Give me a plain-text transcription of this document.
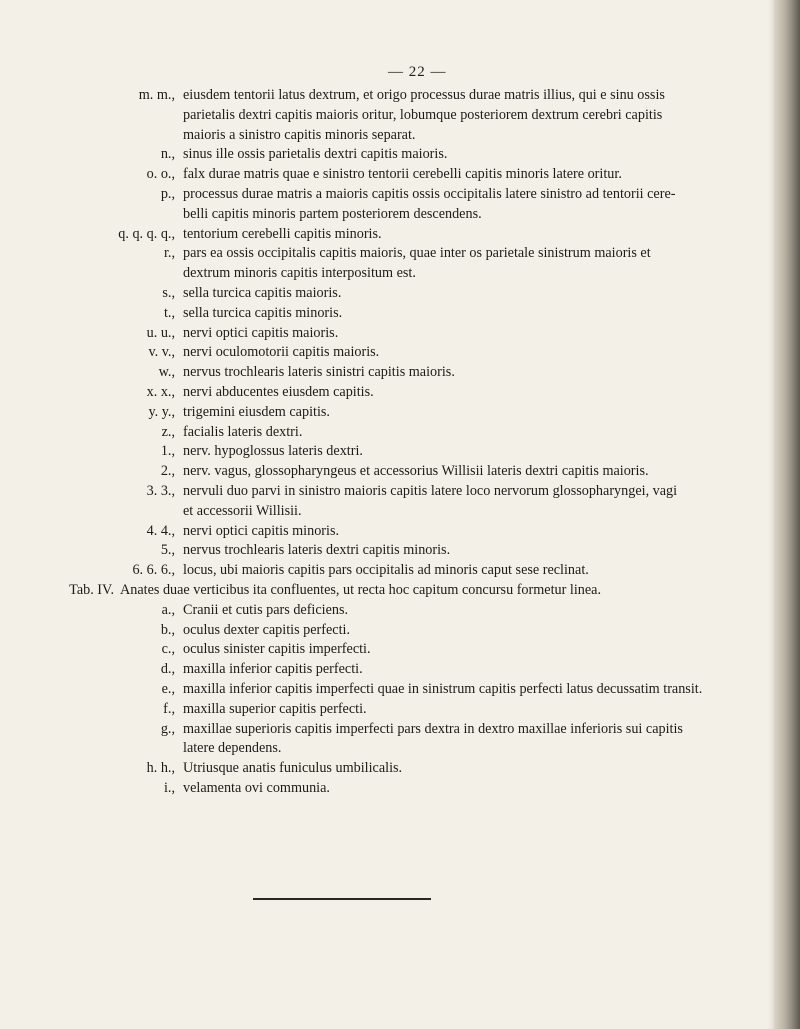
— 22 —
m. m., eiusdem tentorii latus dextrum, et origo processus durae matris illius, qui e sinu ossis
parietalis dextri capitis maioris oritur, lobumque posteriorem dextrum cerebri capitis
maioris a sinistro capitis minoris separat.
n., sinus ille ossis parietalis dextri capitis maioris.
o. o., falx durae matris quae e sinistro tentorii cerebelli capitis minoris latere oritur.
p., processus durae matris a maioris capitis ossis occipitalis latere sinistro ad tentorii cere-
belli capitis minoris partem posteriorem descendens.
q. q. q. q., tentorium cerebelli capitis minoris.
r., pars ea ossis occipitalis capitis maioris, quae inter os parietale sinistrum maioris et
dextrum minoris capitis interpositum est.
s., sella turcica capitis maioris.
t., sella turcica capitis minoris.
u. u., nervi optici capitis maioris.
v. v., nervi oculomotorii capitis maioris.
w., nervus trochlearis lateris sinistri capitis maioris.
x. x., nervi abducentes eiusdem capitis.
y. y., trigemini eiusdem capitis.
z., facialis lateris dextri.
1., nerv. hypoglossus lateris dextri.
2., nerv. vagus, glossopharyngeus et accessorius Willisii lateris dextri capitis maioris.
3. 3., nervuli duo parvi in sinistro maioris capitis latere loco nervorum glossopharyngei, vagi
et accessorii Willisii.
4. 4., nervi optici capitis minoris.
5., nervus trochlearis lateris dextri capitis minoris.
6. 6. 6., locus, ubi maioris capitis pars occipitalis ad minoris caput sese reclinat.
Tab. IV. Anates duae verticibus ita confluentes, ut recta hoc capitum concursu formetur linea.
a., Cranii et cutis pars deficiens.
b., oculus dexter capitis perfecti.
c., oculus sinister capitis imperfecti.
d., maxilla inferior capitis perfecti.
e., maxilla inferior capitis imperfecti quae in sinistrum capitis perfecti latus decussatim transit.
f., maxilla superior capitis perfecti.
g., maxillae superioris capitis imperfecti pars dextra in dextro maxillae inferioris sui capitis
latere dependens.
h. h., Utriusque anatis funiculus umbilicalis.
i., velamenta ovi communia.
